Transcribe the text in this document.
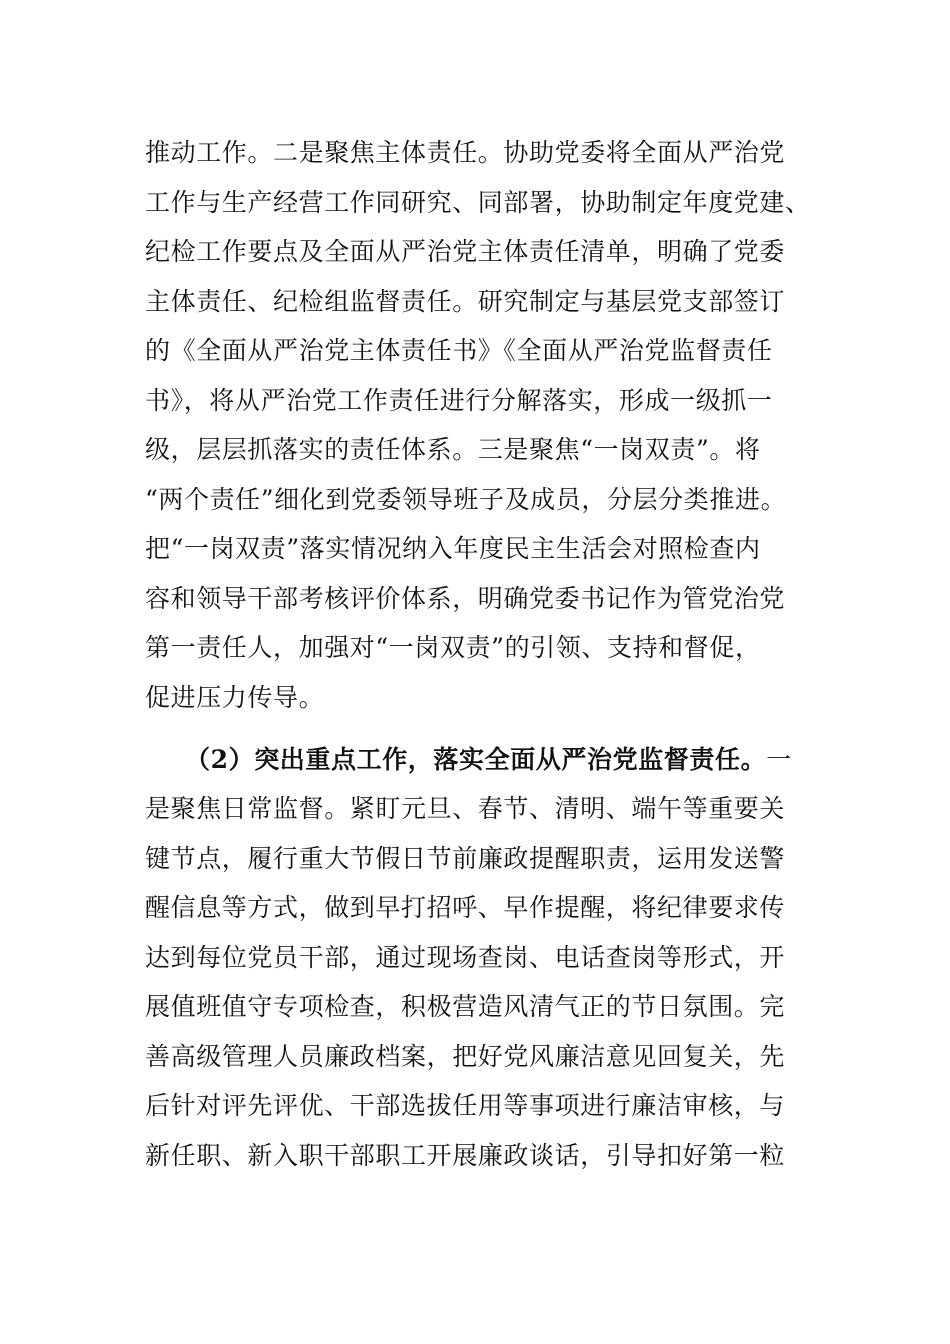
推动工作。二是聚焦主体责任。协助党委将全面从严治党
工作与生产经营工作同研究、同部署，协助制定年度党建、
纪检工作要点及全面从严治党主体责任清单，明确了党委
主体责任、纪检组监督责任。研究制定与基层党支部签订
的《全面从严治党主体责任书》《全面从严治党监督责任
书》，将从严治党工作责任进行分解落实，形成一级抓一
级，层层抓落实的责任体系。三是聚焦“一岗双责”。将
“两个责任”细化到党委领导班子及成员，分层分类推进。
把“一岗双责”落实情况纳入年度民主生活会对照检查内
容和领导干部考核评价体系，明确党委书记作为管党治党
第一责任人，加强对“一岗双责”的引领、支持和督促，
促进压力传导。
（2）突出重点工作，落实全面从严治党监督责任。一
是聚焦日常监督。紧盯元旦、春节、清明、端午等重要关
键节点，履行重大节假日节前廉政提醒职责，运用发送警
醒信息等方式，做到早打招呼、早作提醒，将纪律要求传
达到每位党员干部，通过现场查岗、电话查岗等形式，开
展值班值守专项检查，积极营造风清气正的节日氛围。完
善高级管理人员廉政档案，把好党风廉洁意见回复关，先
后针对评先评优、干部选拔任用等事项进行廉洁审核，与
新任职、新入职干部职工开展廉政谈话，引导扣好第一粒
